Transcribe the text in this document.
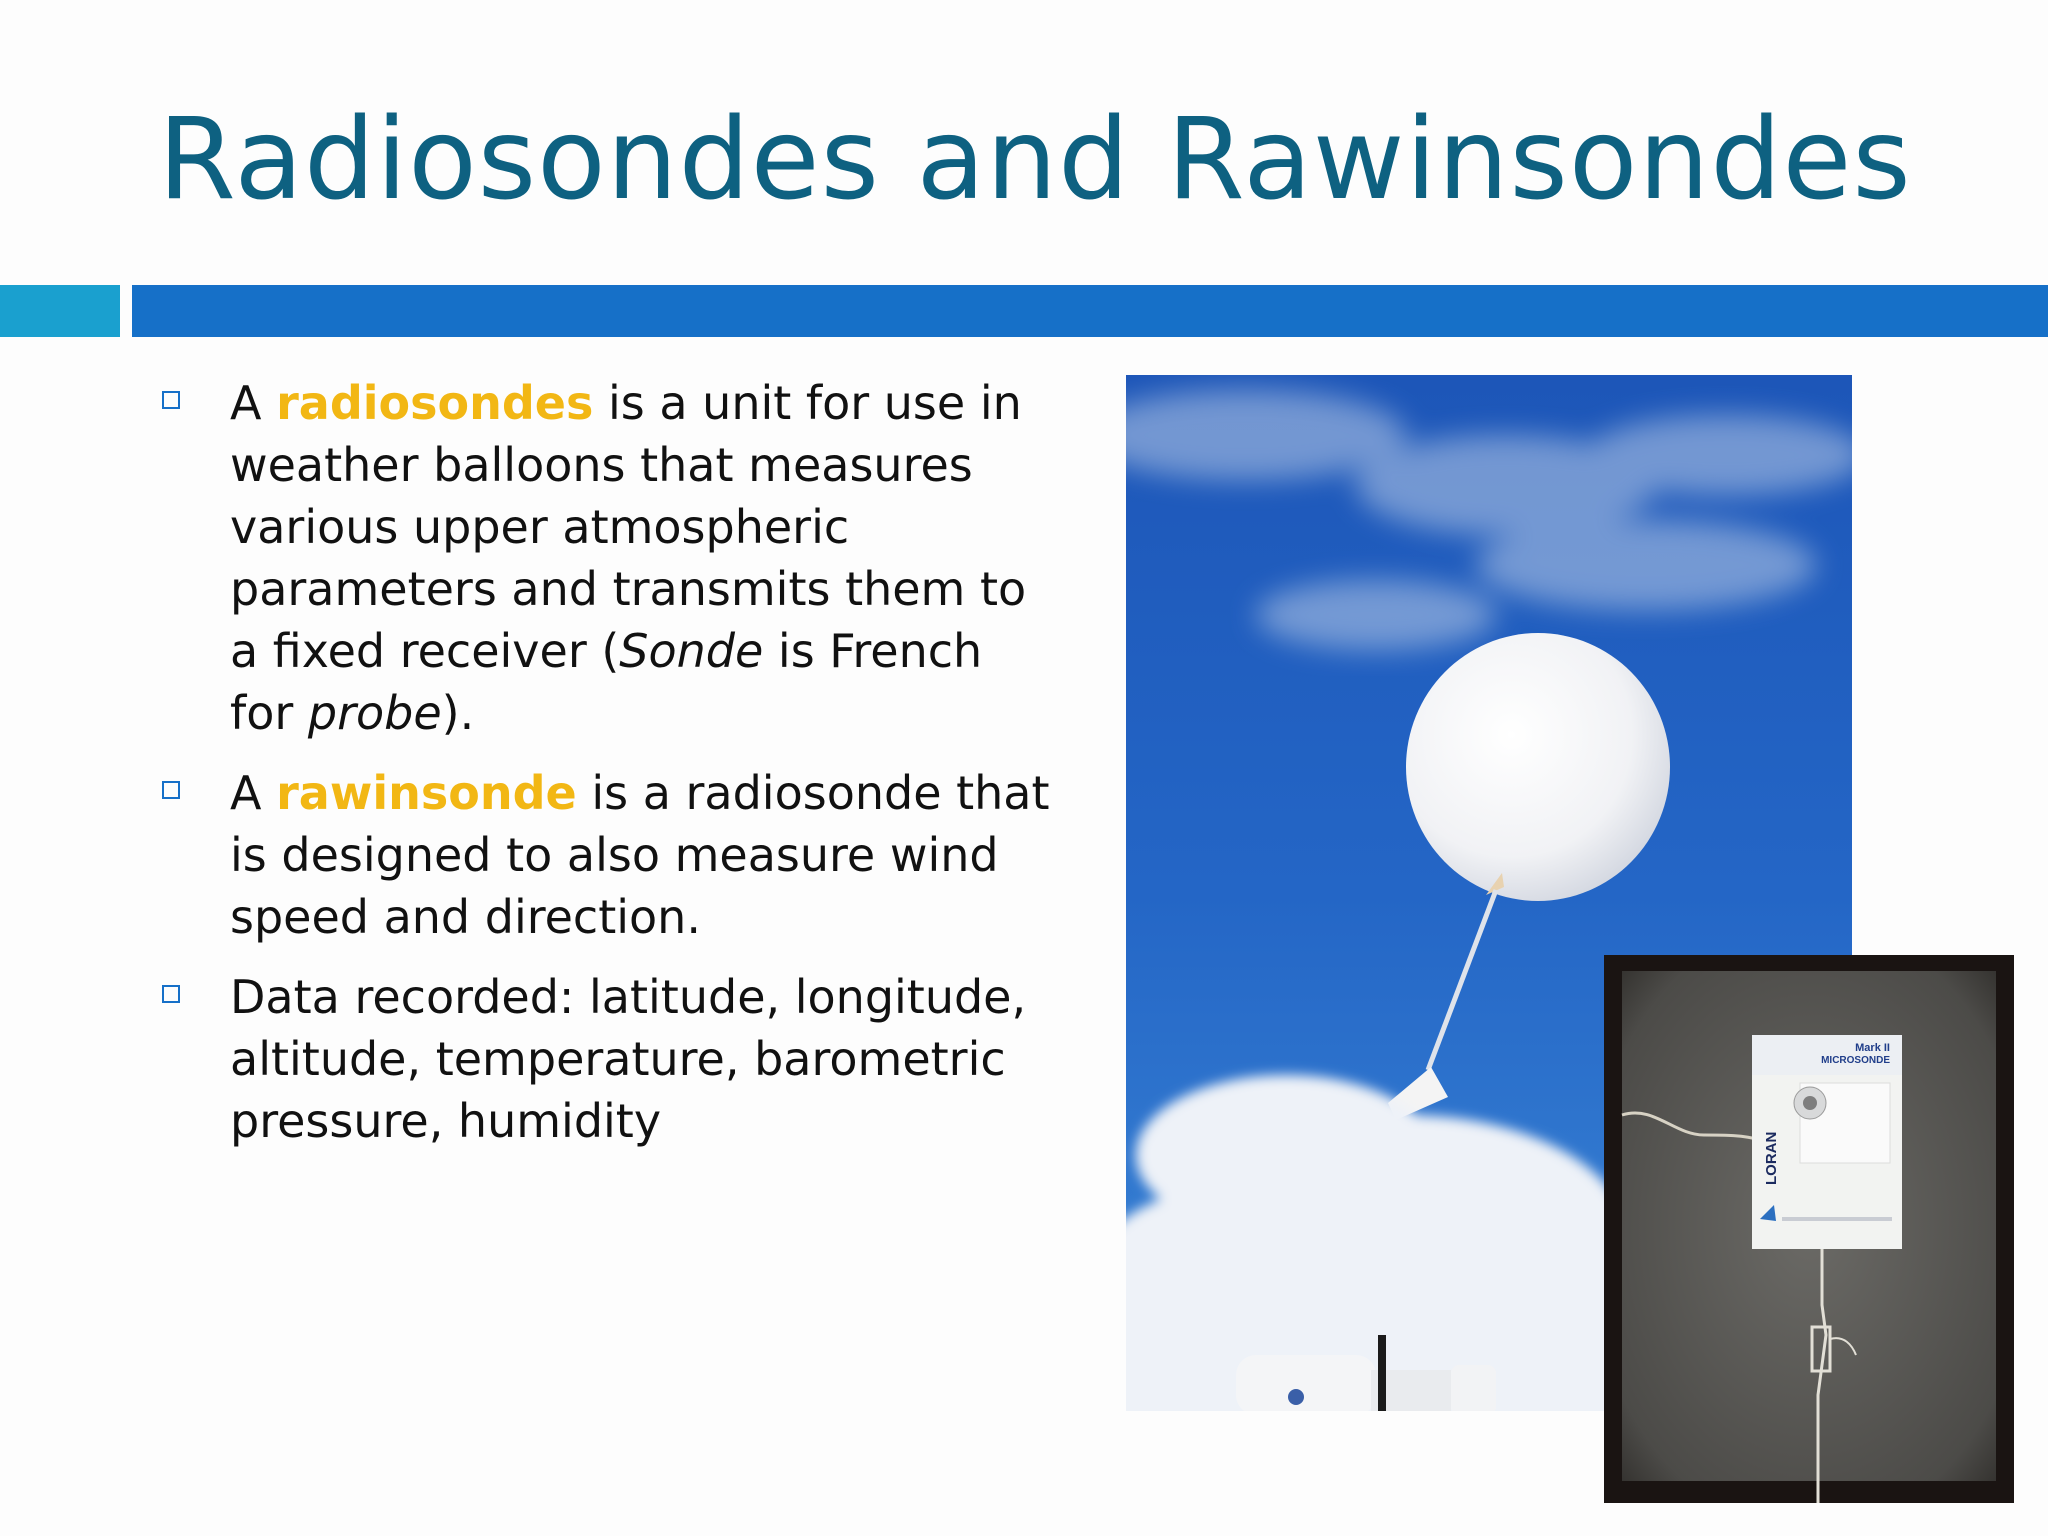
Radiosondes and Rawinsondes
A radiosondes is a unit for use in weather balloons that measures various upper atmospheric parameters and transmits them to a fixed receiver (Sonde is French for probe).
A rawinsonde is a radiosonde that is designed to also measure wind speed and direction.
Data recorded: latitude, longitude, altitude, temperature, barometric pressure, humidity
Mark II
MICROSONDE
LORAN
